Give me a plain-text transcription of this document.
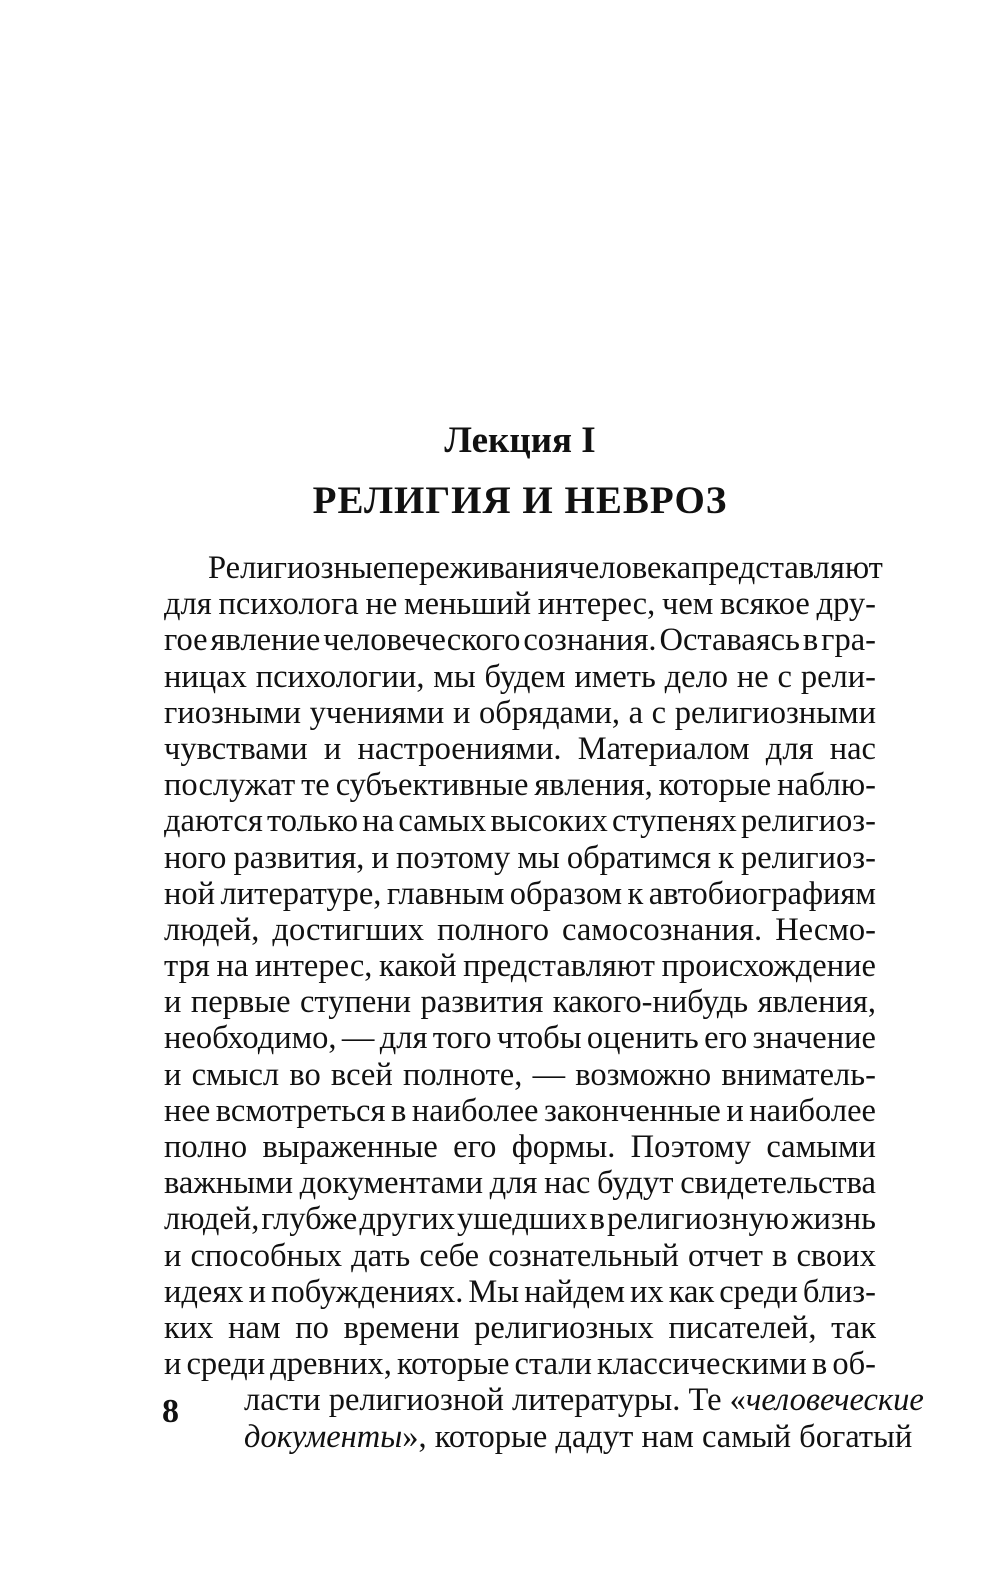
Лекция I
РЕЛИГИЯ И НЕВРОЗ
Религиозные переживания человека представляют
для психолога не меньший интерес, чем всякое дру-
гое явление человеческого сознания. Оставаясь в гра-
ницах психологии, мы будем иметь дело не с рели-
гиозными учениями и обрядами, а с религиозными
чувствами и настроениями. Материалом для нас
послужат те субъективные явления, которые наблю-
даются только на самых высоких ступенях религиоз-
ного развития, и поэтому мы обратимся к религиоз-
ной литературе, главным образом к автобиографиям
людей, достигших полного самосознания. Несмо-
тря на интерес, какой представляют происхождение
и первые ступени развития какого-нибудь явления,
необходимо, — для того чтобы оценить его значение
и смысл во всей полноте, — возможно вниматель-
нее всмотреться в наиболее законченные и наиболее
полно выраженные его формы. Поэтому самыми
важными документами для нас будут свидетельства
людей, глубже других ушедших в религиозную жизнь
и способных дать себе сознательный отчет в своих
идеях и побуждениях. Мы найдем их как среди близ-
ких нам по времени религиозных писателей, так
и среди древних, которые стали классическими в об-
ласти религиозной литературы. Те «человеческие
документы», которые дадут нам самый богатый
8
